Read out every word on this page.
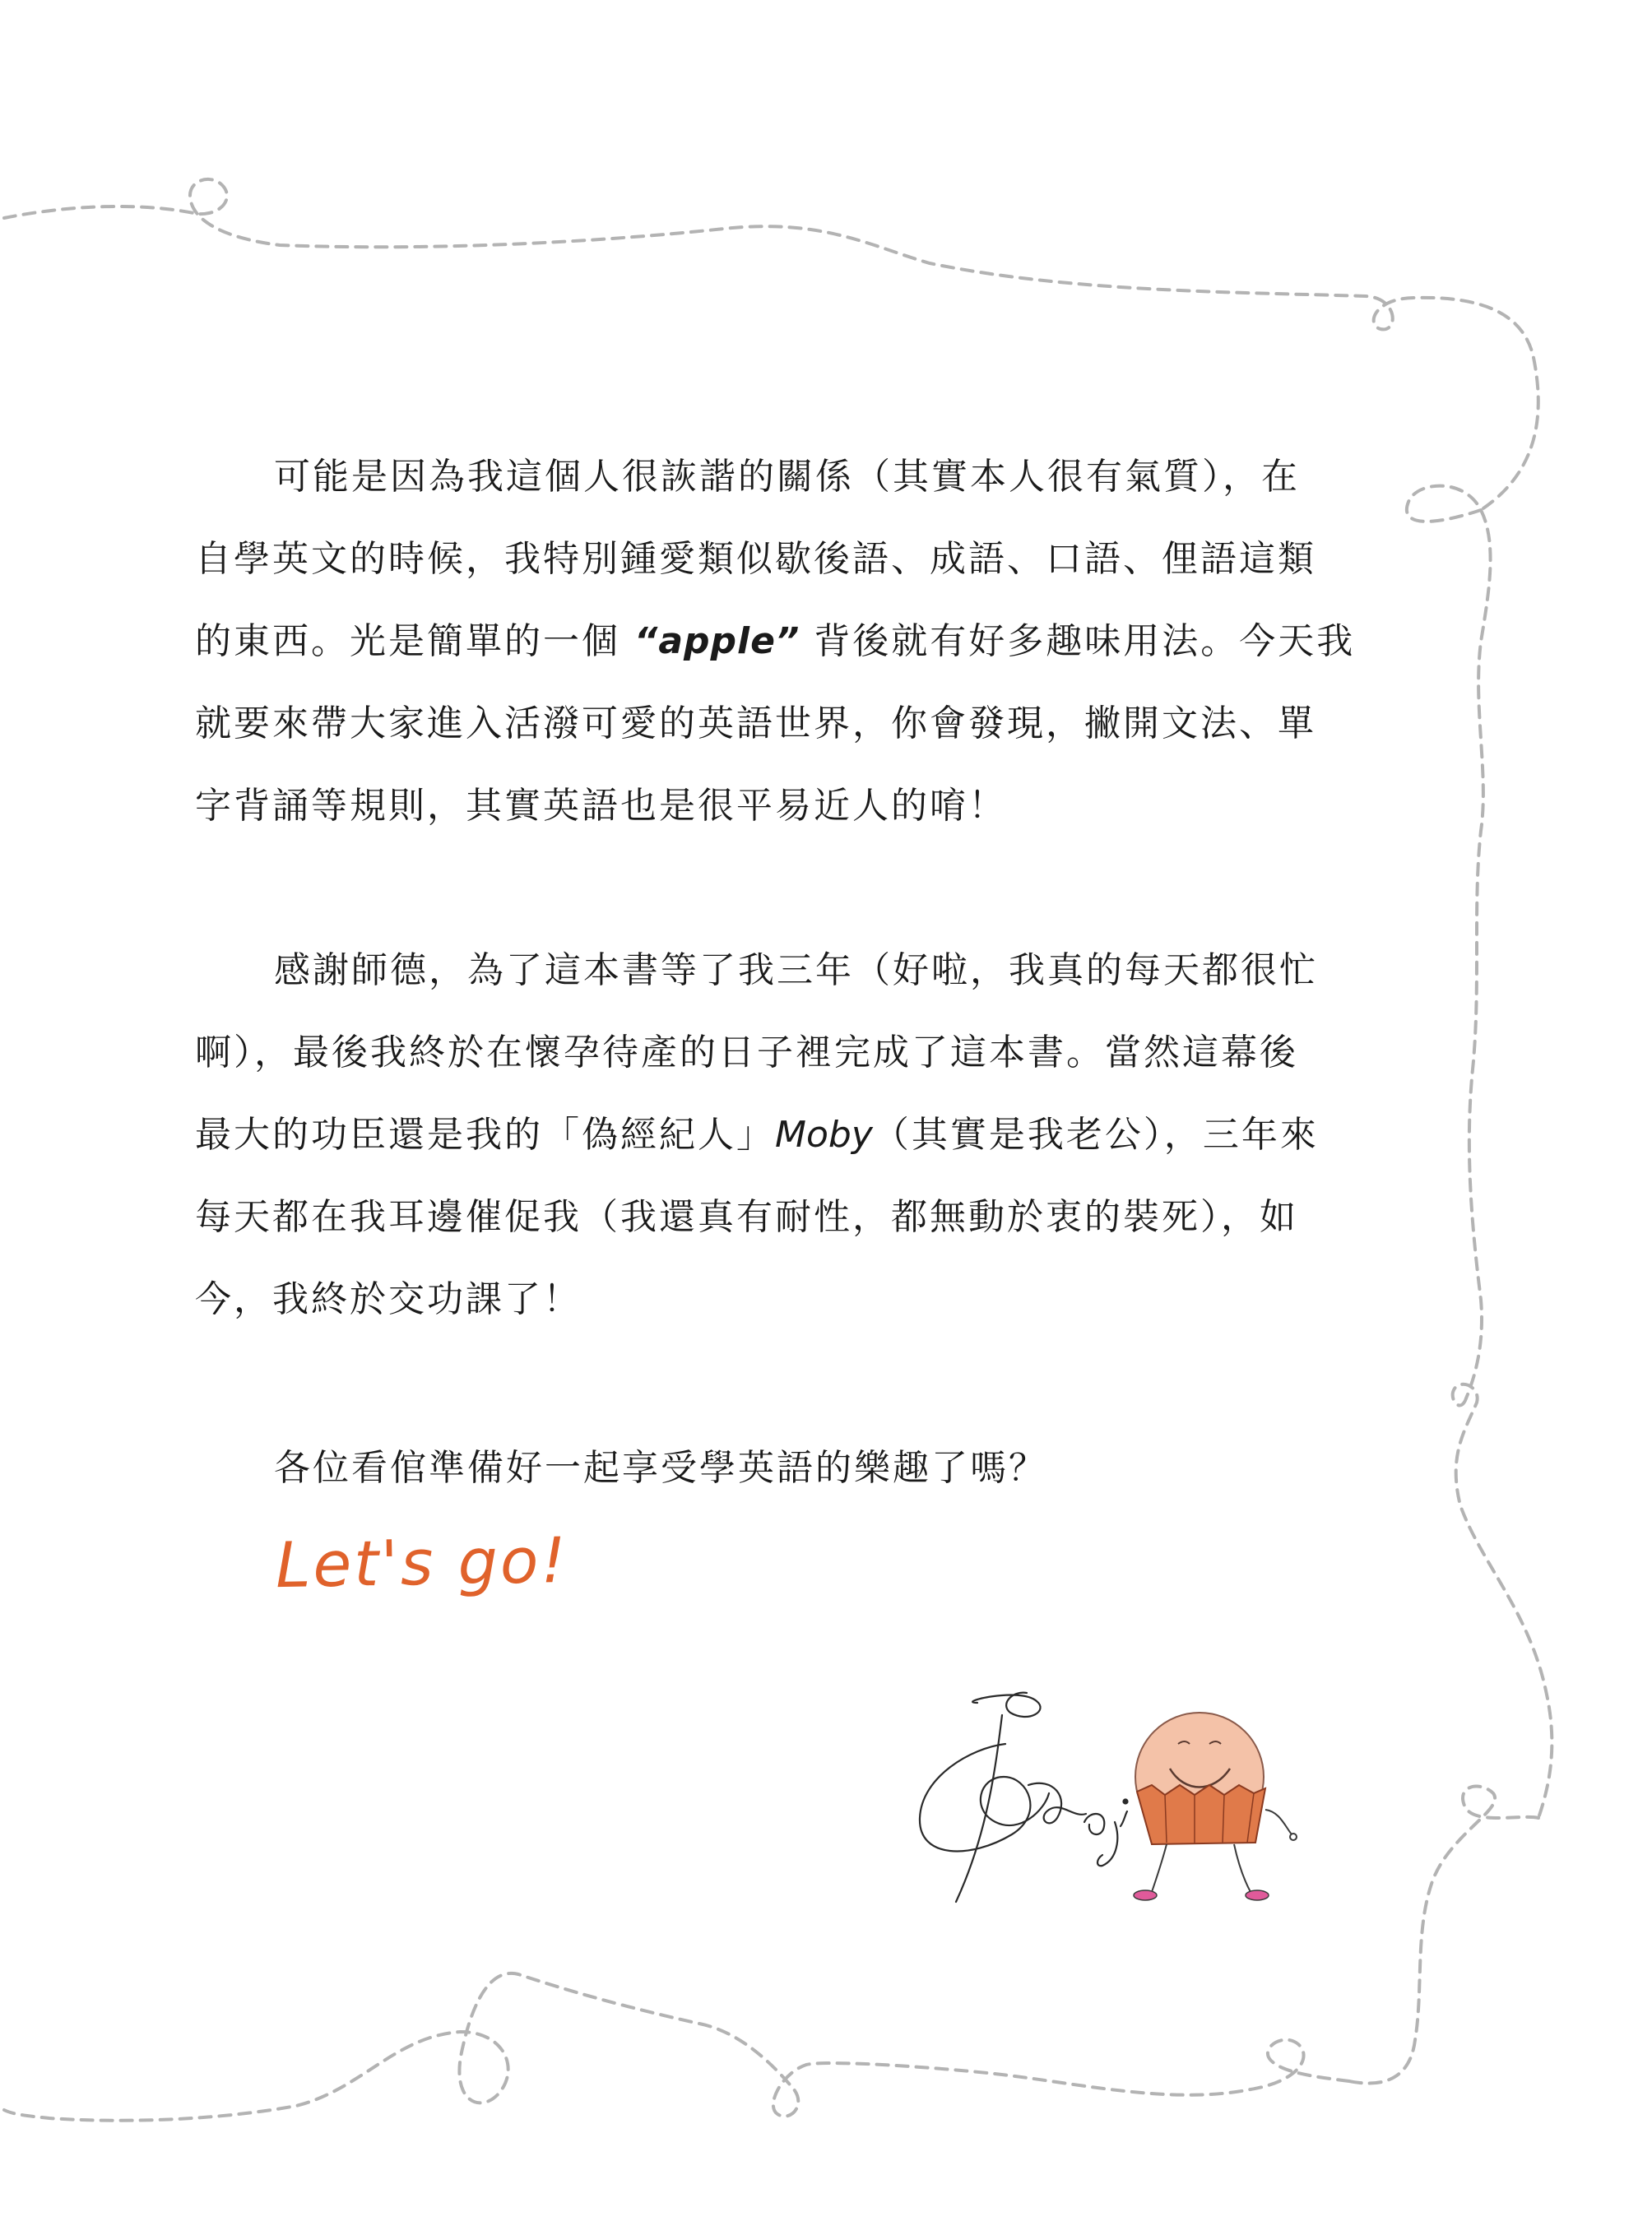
可能是因為我這個人很詼諧的關係（其實本人很有氣質），在
自學英文的時候，我特別鍾愛類似歇後語、成語、口語、俚語這類
的東西。光是簡單的一個 “apple” 背後就有好多趣味用法。今天我
就要來帶大家進入活潑可愛的英語世界，你會發現，撇開文法、單
字背誦等規則，其實英語也是很平易近人的唷！
感謝師德，為了這本書等了我三年（好啦，我真的每天都很忙
啊），最後我終於在懷孕待產的日子裡完成了這本書。當然這幕後
最大的功臣還是我的「偽經紀人」Moby（其實是我老公），三年來
每天都在我耳邊催促我（我還真有耐性，都無動於衷的裝死），如
今，我終於交功課了！
各位看倌準備好一起享受學英語的樂趣了嗎？
Let's go!
